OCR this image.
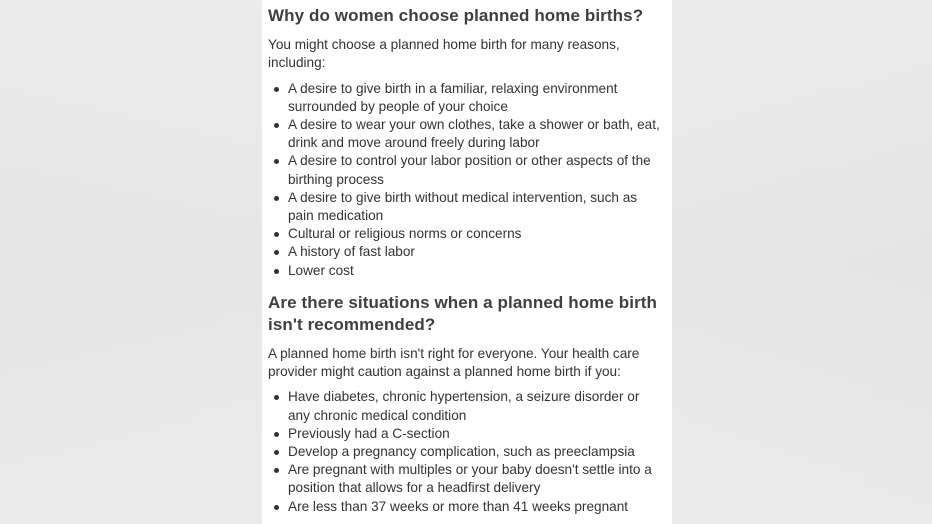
Why do women choose planned home births?

You might choose a planned home birth for many reasons, including:

A desire to give birth in a familiar, relaxing environment surrounded by people of your choice
A desire to wear your own clothes, take a shower or bath, eat, drink and move around freely during labor
A desire to control your labor position or other aspects of the birthing process
A desire to give birth without medical intervention, such as pain medication
Cultural or religious norms or concerns
A history of fast labor
Lower cost
Are there situations when a planned home birth isn't recommended?

A planned home birth isn't right for everyone. Your health care provider might caution against a planned home birth if you:

Have diabetes, chronic hypertension, a seizure disorder or any chronic medical condition
Previously had a C-section
Develop a pregnancy complication, such as preeclampsia
Are pregnant with multiples or your baby doesn't settle into a position that allows for a headfirst delivery
Are less than 37 weeks or more than 41 weeks pregnant
